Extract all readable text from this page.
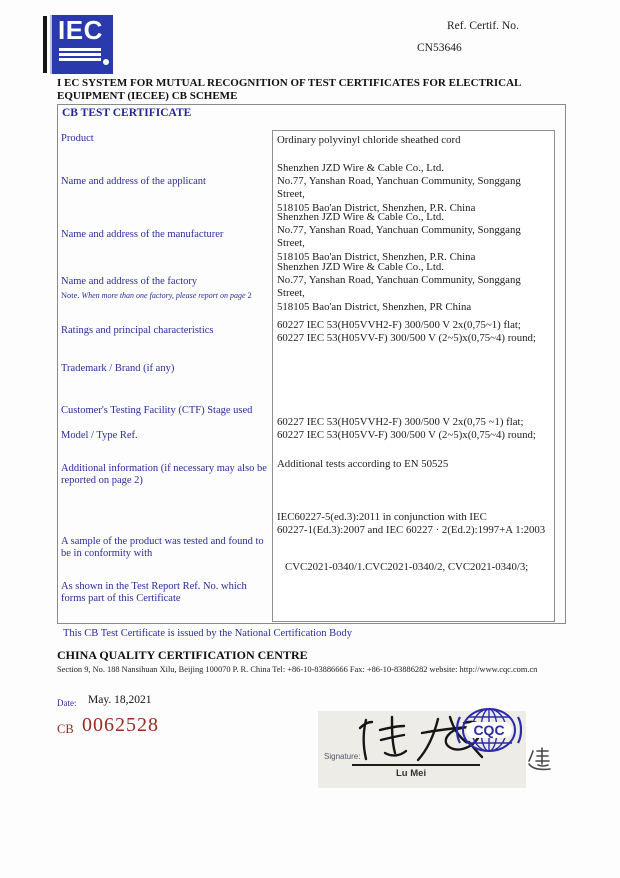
IEC	Ref. Certif. No.
CN53646
I EC SYSTEM FOR MUTUAL RECOGNITION OF TEST CERTIFICATES FOR ELECTRICAL EQUIPMENT (IECEE) CB SCHEME
CB TEST CERTIFICATE
Product
Name and address of the applicant
Name and address of the manufacturer
Name and address of the factory
Note. When more than one factory, please report on page 2
Ratings and principal characteristics
Trademark / Brand (if any)
Customer's Testing Facility (CTF) Stage used
Model / Type Ref.
Additional information (if necessary may also be reported on page 2)
A sample of the product was tested and found to be in conformity with
As shown in the Test Report Ref. No. which forms part of this Certificate
Ordinary polyvinyl chloride sheathed cord
Shenzhen JZD Wire & Cable Co., Ltd.
No.77, Yanshan Road, Yanchuan Community, Songgang Street,
518105 Bao'an District, Shenzhen, P.R. China
Shenzhen JZD Wire & Cable Co., Ltd.
No.77, Yanshan Road, Yanchuan Community, Songgang Street,
518105 Bao'an District, Shenzhen, P.R. China
Shenzhen JZD Wire & Cable Co., Ltd.
No.77, Yanshan Road, Yanchuan Community, Songgang Street,
518105 Bao'an District, Shenzhen, PR China
60227 IEC 53(H05VVH2-F) 300/500 V 2x(0,75~1) flat;
60227 IEC 53(H05VV-F) 300/500 V (2~5)x(0,75~4) round;
60227 IEC 53(H05VVH2-F) 300/500 V 2x(0,75 ~1) flat;
60227 IEC 53(H05VV-F) 300/500 V (2~5)x(0,75~4) round;
Additional tests according to EN 50525
IEC60227-5(ed.3):2011 in conjunction with IEC
60227-1(Ed.3):2007 and IEC 60227 · 2(Ed.2):1997+A 1:2003
CVC2021-0340/1.CVC2021-0340/2, CVC2021-0340/3;
This CB Test Certificate is issued by the National Certification Body
CHINA QUALITY CERTIFICATION CENTRE
Section 9, No. 188 Nansihuan Xilu, Beijing 100070 P. R. China Tel: +86-10-83886666 Fax: +86-10-83886282 website: http://www.cqc.com.cn
Date: May. 18,2021
CB 0062528
Signature:
Lu Mei
CQC
